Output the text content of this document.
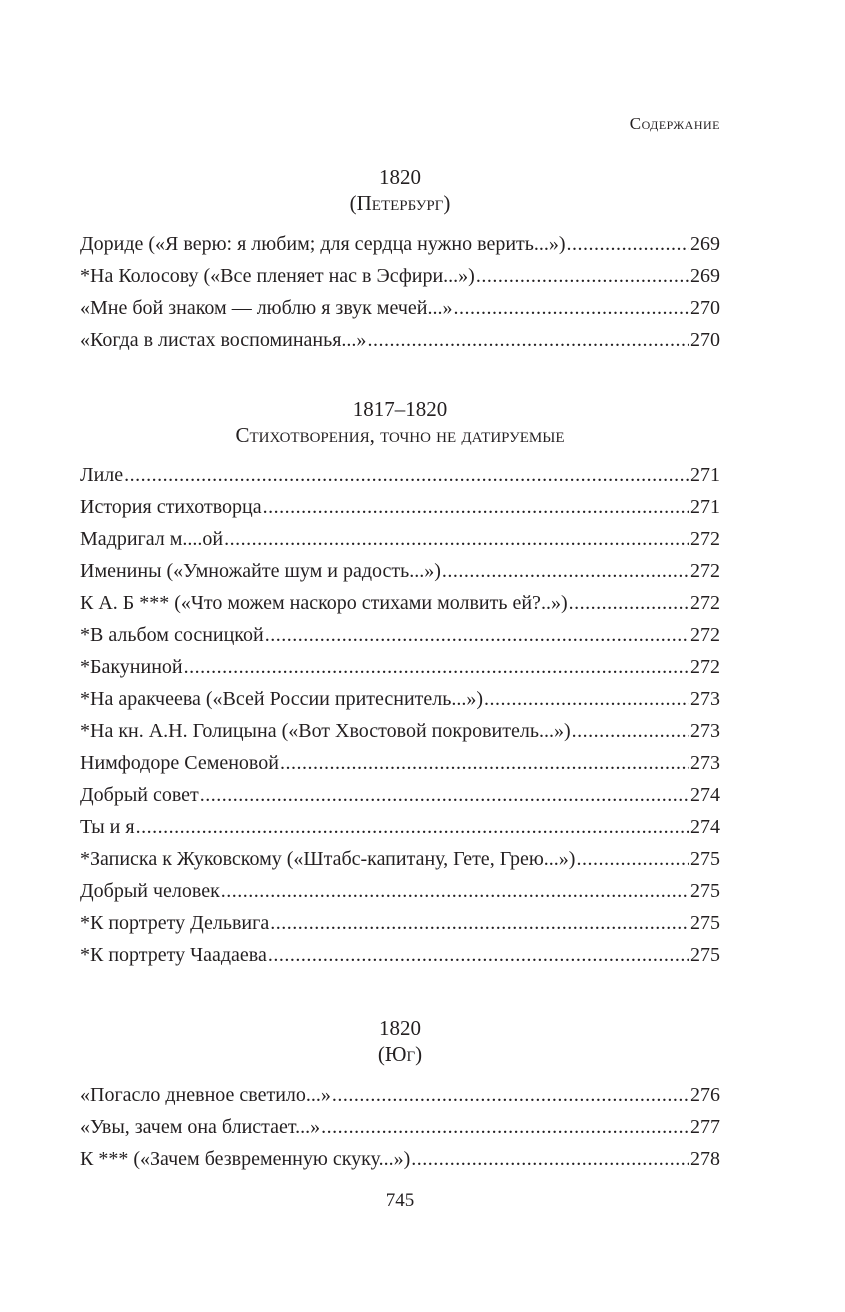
Содержание
1820
(Петербург)
Дориде («Я верю: я любим; для сердца нужно верить...») .....	269
*На Колосову («Все пленяет нас в Эсфири...») .....	269
«Мне бой знаком — люблю я звук мечей...» .....	270
«Когда в листах воспоминанья...» .....	270
1817–1820
Стихотворения, точно не датируемые
Лиле .....	271
История стихотворца .....	271
Мадригал м....ой .....	272
Именины («Умножайте шум и радость...») .....	272
К А. Б *** («Что можем наскоро стихами молвить ей?..») .....	272
*В альбом сосницкой .....	272
*Бакуниной .....	272
*На аракчеева («Всей России притеснитель...») .....	273
*На кн. А.Н. Голицына («Вот Хвостовой покровитель...») .....	273
Нимфодоре Семеновой .....	273
Добрый совет .....	274
Ты и я .....	274
*Записка к Жуковскому («Штабс-капитану, Гете, Грею...») .....	275
Добрый человек .....	275
*К портрету Дельвига .....	275
*К портрету Чаадаева .....	275
1820
(Юг)
«Погасло дневное светило...» .....	276
«Увы, зачем она блистает...» .....	277
К *** («Зачем безвременную скуку...») .....	278
745
